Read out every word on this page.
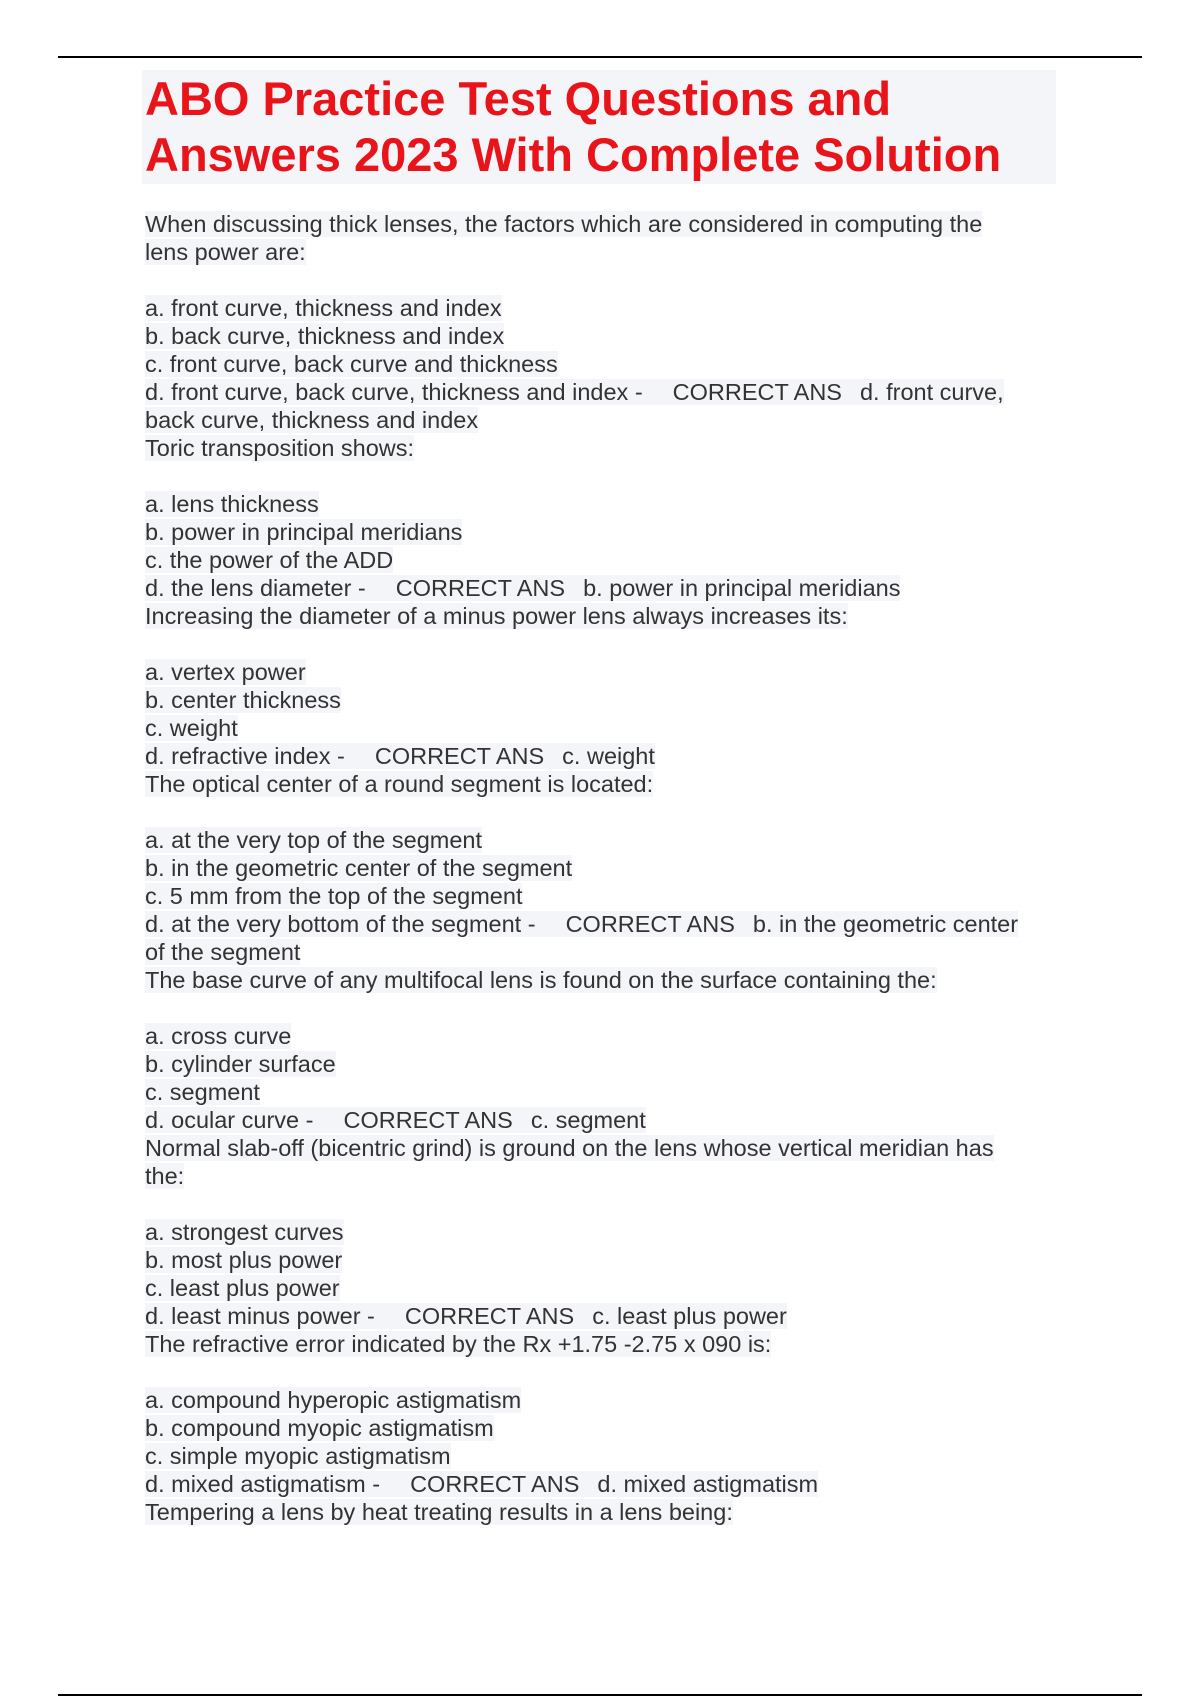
ABO Practice Test Questions and
Answers 2023 With Complete Solution
When discussing thick lenses, the factors which are considered in computing the
lens power are:
a. front curve, thickness and index
b. back curve, thickness and index
c. front curve, back curve and thickness
d. front curve, back curve, thickness and index - CORRECT ANS d. front curve,
back curve, thickness and index
Toric transposition shows:
a. lens thickness
b. power in principal meridians
c. the power of the ADD
d. the lens diameter - CORRECT ANS b. power in principal meridians
Increasing the diameter of a minus power lens always increases its:
a. vertex power
b. center thickness
c. weight
d. refractive index - CORRECT ANS c. weight
The optical center of a round segment is located:
a. at the very top of the segment
b. in the geometric center of the segment
c. 5 mm from the top of the segment
d. at the very bottom of the segment - CORRECT ANS b. in the geometric center
of the segment
The base curve of any multifocal lens is found on the surface containing the:
a. cross curve
b. cylinder surface
c. segment
d. ocular curve - CORRECT ANS c. segment
Normal slab-off (bicentric grind) is ground on the lens whose vertical meridian has
the:
a. strongest curves
b. most plus power
c. least plus power
d. least minus power - CORRECT ANS c. least plus power
The refractive error indicated by the Rx +1.75 -2.75 x 090 is:
a. compound hyperopic astigmatism
b. compound myopic astigmatism
c. simple myopic astigmatism
d. mixed astigmatism - CORRECT ANS d. mixed astigmatism
Tempering a lens by heat treating results in a lens being:
